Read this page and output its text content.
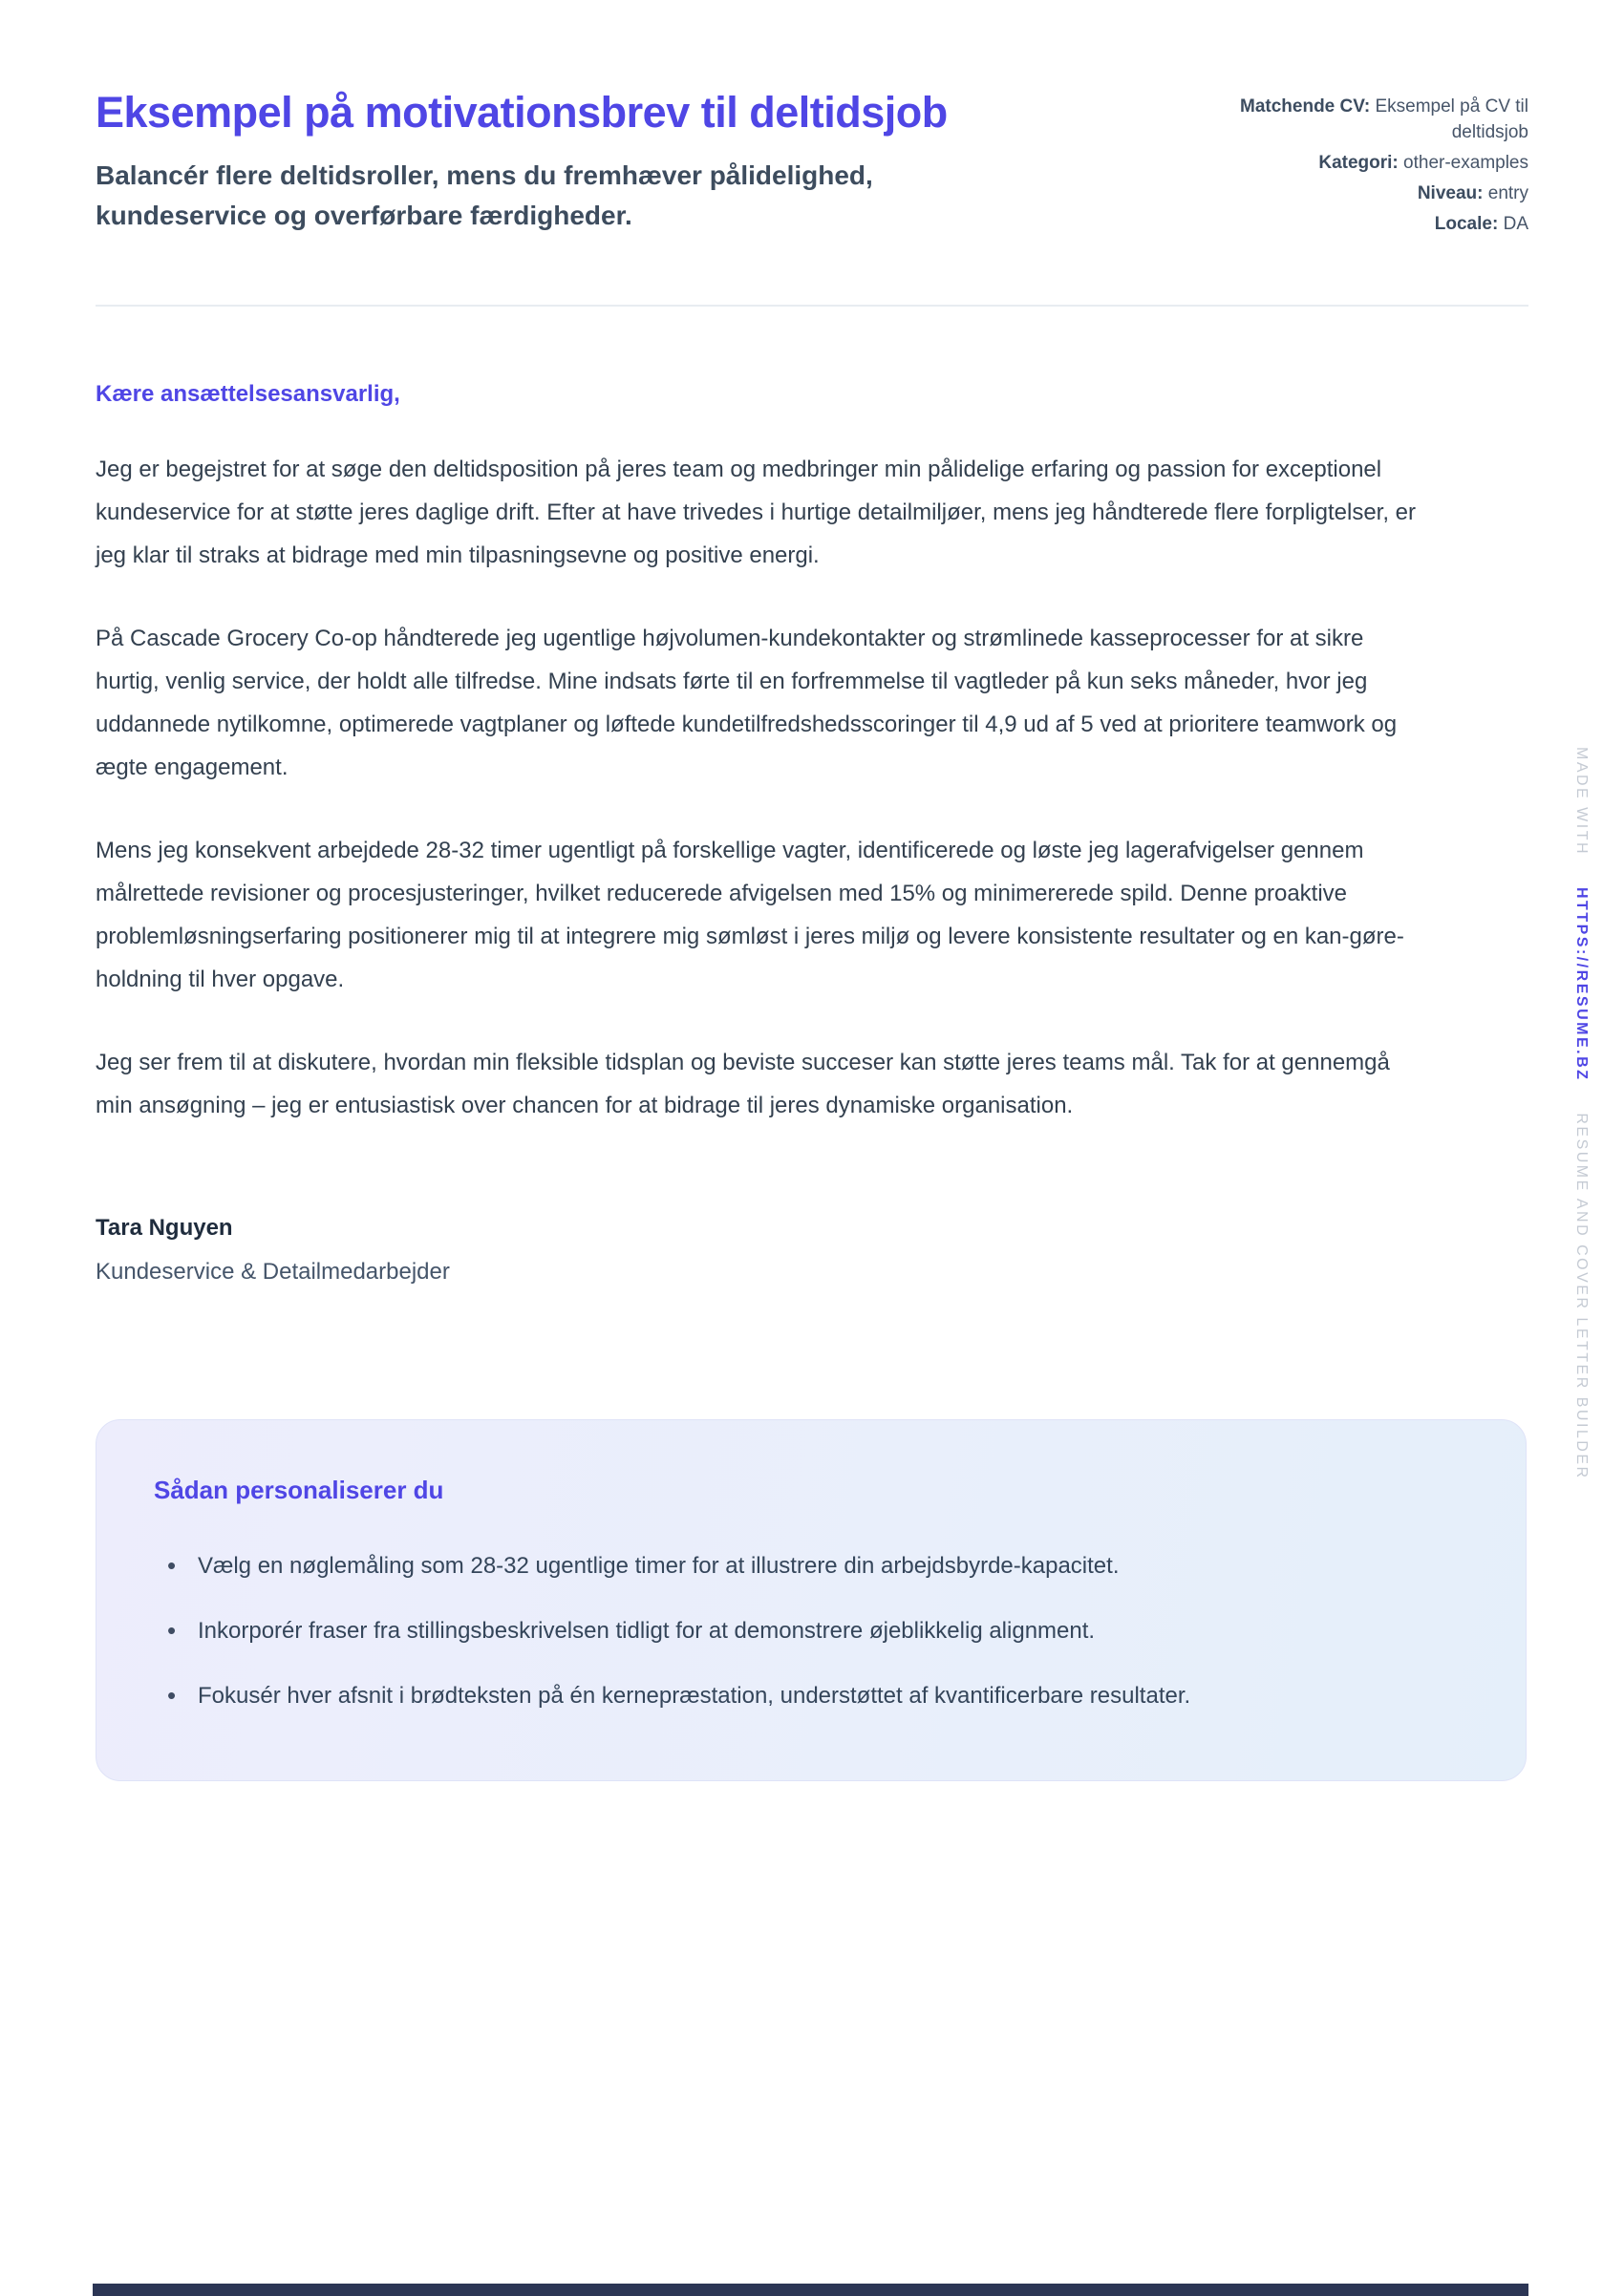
Eksempel på motivationsbrev til deltidsjob

Balancér flere deltidsroller, mens du fremhæver pålidelighed, kundeservice og overførbare færdigheder.

Matchende CV: Eksempel på CV til deltidsjob
Kategori: other-examples
Niveau: entry
Locale: DA

Kære ansættelsesansvarlig,

Jeg er begejstret for at søge den deltidsposition på jeres team og medbringer min pålidelige erfaring og passion for exceptionel kundeservice for at støtte jeres daglige drift. Efter at have trivedes i hurtige detailmiljøer, mens jeg håndterede flere forpligtelser, er jeg klar til straks at bidrage med min tilpasningsevne og positive energi.

På Cascade Grocery Co-op håndterede jeg ugentlige højvolumen-kundekontakter og strømlinede kasseprocesser for at sikre hurtig, venlig service, der holdt alle tilfredse. Mine indsats førte til en forfremmelse til vagtleder på kun seks måneder, hvor jeg uddannede nytilkomne, optimerede vagtplaner og løftede kundetilfredshedsscoringer til 4,9 ud af 5 ved at prioritere teamwork og ægte engagement.

Mens jeg konsekvent arbejdede 28-32 timer ugentligt på forskellige vagter, identificerede og løste jeg lagerafvigelser gennem målrettede revisioner og procesjusteringer, hvilket reducerede afvigelsen med 15% og minimererede spild. Denne proaktive problemløsningserfaring positionerer mig til at integrere mig sømløst i jeres miljø og levere konsistente resultater og en kan-gøre-holdning til hver opgave.

Jeg ser frem til at diskutere, hvordan min fleksible tidsplan og beviste succeser kan støtte jeres teams mål. Tak for at gennemgå min ansøgning – jeg er entusiastisk over chancen for at bidrage til jeres dynamiske organisation.

Tara Nguyen

Kundeservice & Detailmedarbejder

Sådan personaliserer du
• Vælg en nøglemåling som 28-32 ugentlige timer for at illustrere din arbejdsbyrde-kapacitet.
• Inkorporér fraser fra stillingsbeskrivelsen tidligt for at demonstrere øjeblikkelig alignment.
• Fokusér hver afsnit i brødteksten på én kernepræstation, understøttet af kvantificerbare resultater.
MADE WITH HTTPS://RESUME.BZ RESUME AND COVER LETTER BUILDER
